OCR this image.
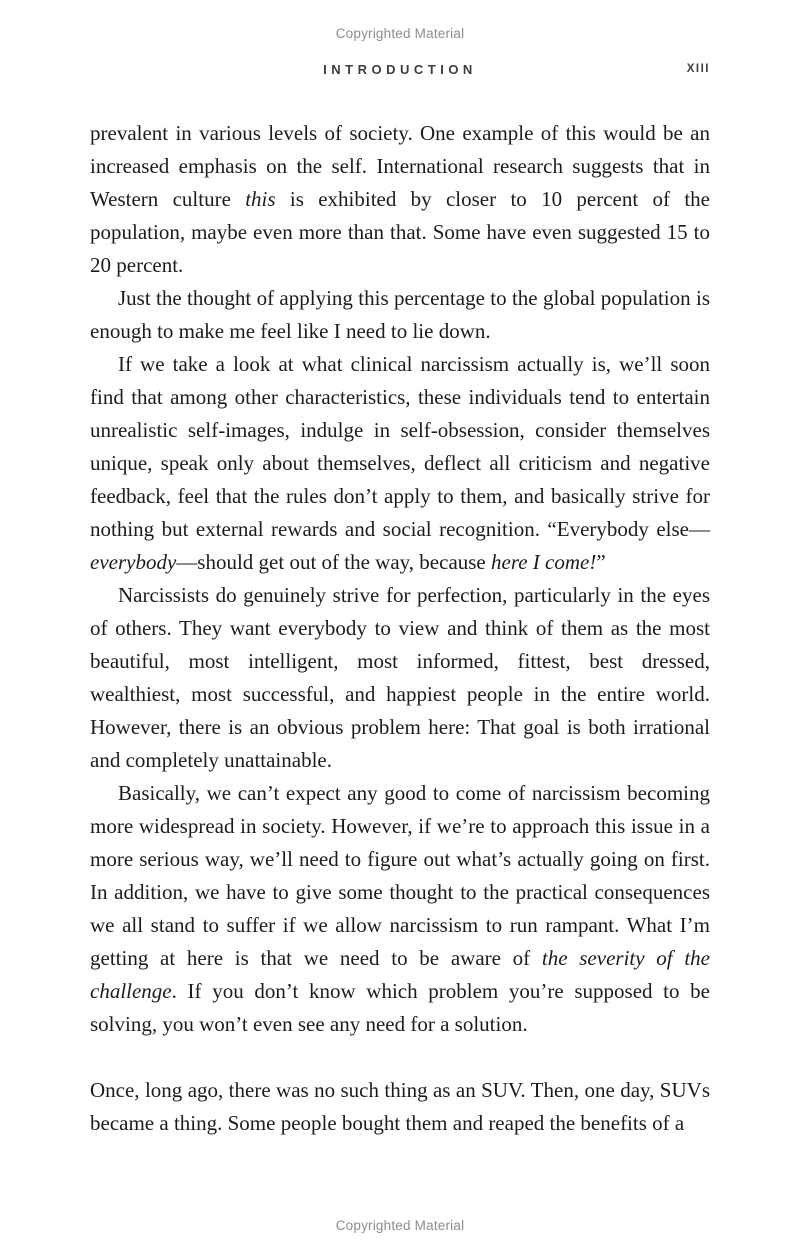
Copyrighted Material
INTRODUCTION	XIII

prevalent in various levels of society. One example of this would be an increased emphasis on the self. International research suggests that in Western culture this is exhibited by closer to 10 percent of the population, maybe even more than that. Some have even suggested 15 to 20 percent.

Just the thought of applying this percentage to the global population is enough to make me feel like I need to lie down.

If we take a look at what clinical narcissism actually is, we’ll soon find that among other characteristics, these individuals tend to entertain unrealistic self-images, indulge in self-obsession, consider themselves unique, speak only about themselves, deflect all criticism and negative feedback, feel that the rules don’t apply to them, and basically strive for nothing but external rewards and social recognition. “Everybody else—everybody—should get out of the way, because here I come!”

Narcissists do genuinely strive for perfection, particularly in the eyes of others. They want everybody to view and think of them as the most beautiful, most intelligent, most informed, fittest, best dressed, wealthiest, most successful, and happiest people in the entire world. However, there is an obvious problem here: That goal is both irrational and completely unattainable.

Basically, we can’t expect any good to come of narcissism becoming more widespread in society. However, if we’re to approach this issue in a more serious way, we’ll need to figure out what’s actually going on first. In addition, we have to give some thought to the practical consequences we all stand to suffer if we allow narcissism to run rampant. What I’m getting at here is that we need to be aware of the severity of the challenge. If you don’t know which problem you’re supposed to be solving, you won’t even see any need for a solution.

Once, long ago, there was no such thing as an SUV. Then, one day, SUVs became a thing. Some people bought them and reaped the benefits of a

Copyrighted Material
